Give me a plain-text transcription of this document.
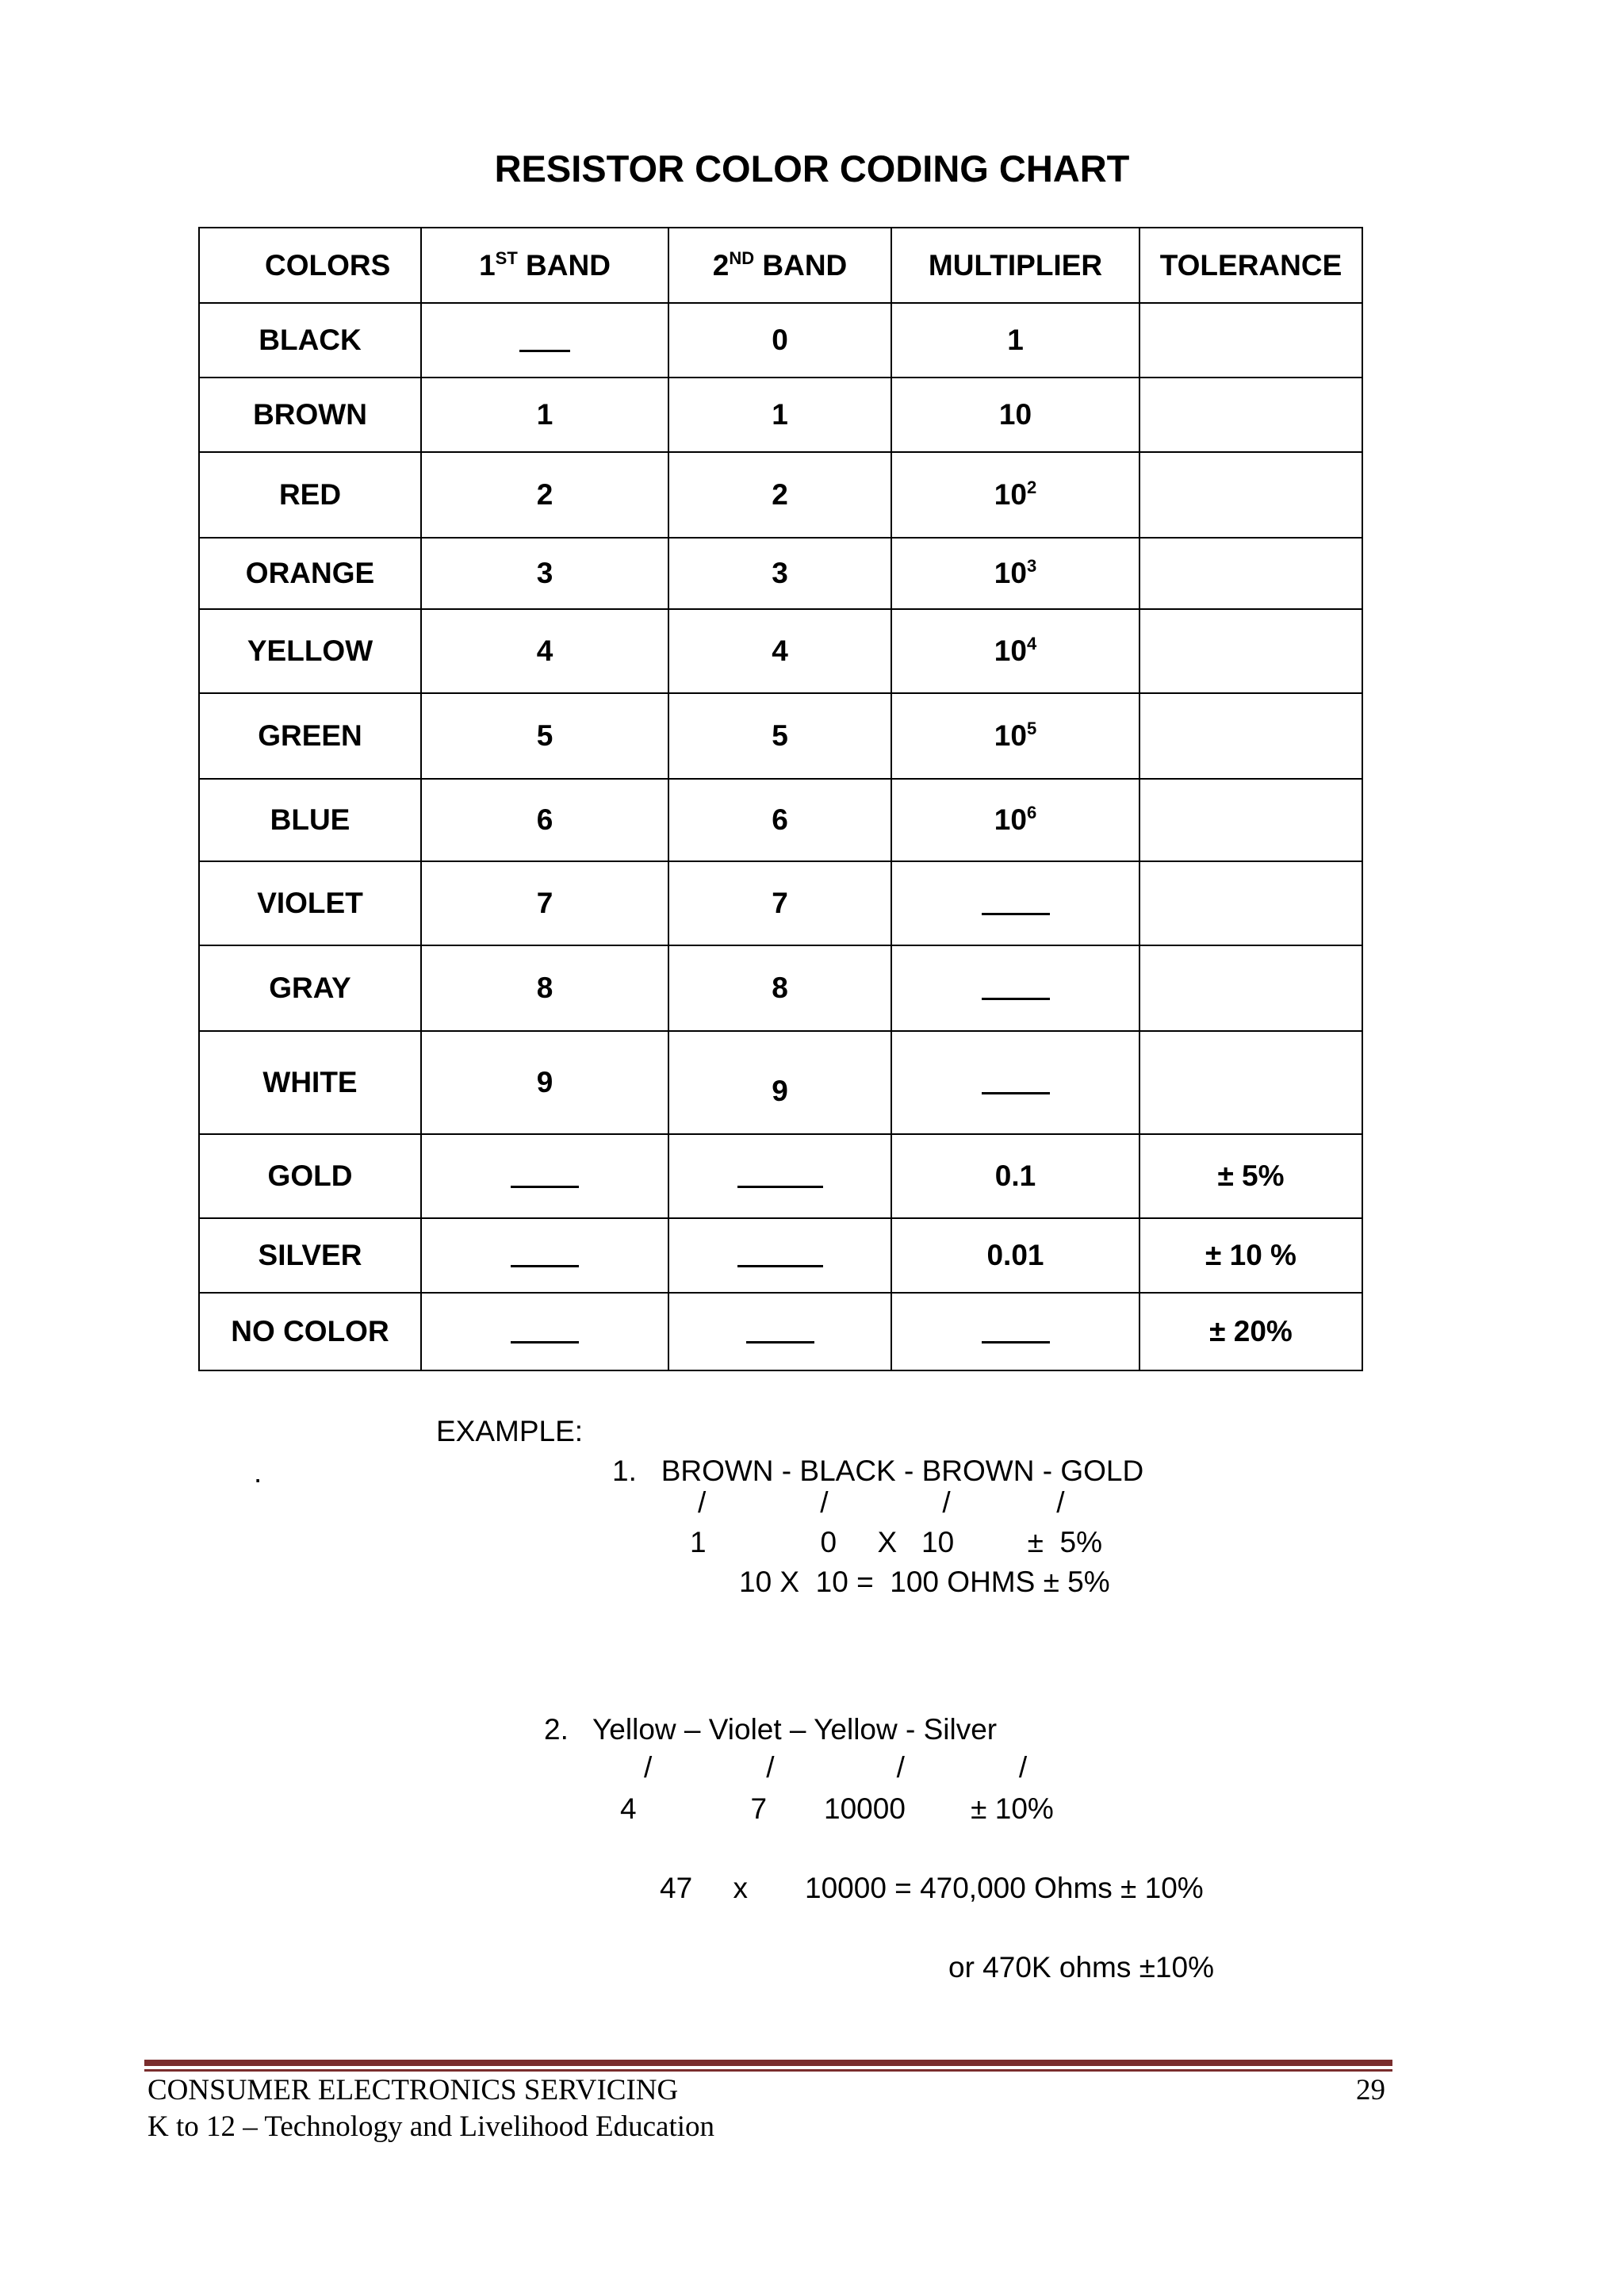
RESISTOR COLOR CODING CHART
COLORS	1ST BAND	2ND BAND	MULTIPLIER	TOLERANCE
BLACK		0	1	
BROWN	1	1	10	
RED	2	2	$10^2$	
ORANGE	3	3	$10^3$	
YELLOW	4	4	$10^4$	
GREEN	5	5	$10^5$	
BLUE	6	6	$10^6$	
VIOLET	7	7	

GRAY	8	8	

WHITE	9	9	

GOLD			0.1	± 5%
SILVER			0.01	± 10 %
NO COLOR				± 20%
EXAMPLE:
.	1.   BROWN - BLACK - BROWN - GOLD
/              /              /             /
1              0     X   10         ±  5%
10 X  10 =  100 OHMS ± 5%
2.   Yellow – Violet – Yellow - Silver
/              /               /              /
4              7       10000        ± 10%
47     x       10000 = 470,000 Ohms ± 10%
or 470K ohms ±10%
CONSUMER ELECTRONICS SERVICING	29
K to 12 – Technology and Livelihood Education
